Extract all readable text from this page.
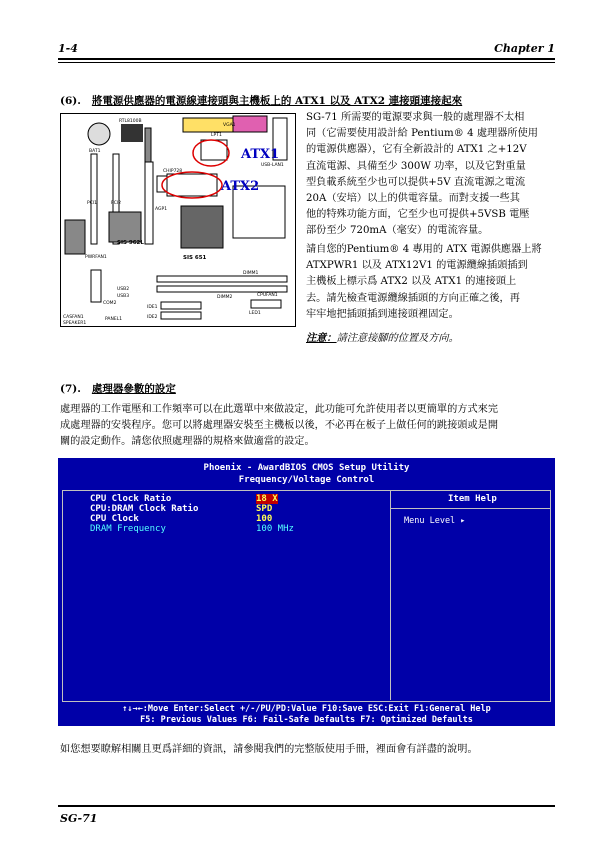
1-4	Chapter 1
(6). 將電源供應器的電源線連接頭與主機板上的 ATX1 以及 ATX2 連接頭連接起來
ATX1
ATX2
BAT1
RTL8100B
LPT1
VGA1
USB-LAN1
PWRFAN1
SIS 962L
SIS 651
DIMM1
DIMM2	CPUFAN1
IDE1
IDE2
LED1
CASFAN1
SPEAKER1
PANEL1
USB2
USB3
COM2
PCI1	PCI2
AGP1
CHIP728
SG-71 所需要的電源要求與一般的處理器不太相
同（它需要使用設計給 Pentium® 4 處理器所使用
的電源供應器），它有全新設計的 ATX1 之+12V
直流電源、具備至少 300W 功率，以及它對重量
型負載系統至少也可以提供+5V 直流電源之電流
20A（安培）以上的供電容量。而對支援一些其
他的特殊功能方面，它至少也可提供+5VSB 電壓
部份至少 720mA（毫安）的電流容量。
請自您的Pentium® 4 專用的 ATX 電源供應器上將
ATXPWR1 以及 ATX12V1 的電源纜線插頭插到
主機板上標示爲 ATX2 以及 ATX1 的連接頭上
去。請先檢查電源纜線插頭的方向正確之後，再
牢牢地把插頭插到連接頭裡固定。
注意：請注意接腳的位置及方向。
(7). 處理器參數的設定
處理器的工作電壓和工作頻率可以在此選單中來做設定，此功能可允許使用者以更簡單的方式來完
成處理器的安裝程序。您可以將處理器安裝至主機板以後，不必再在板子上做任何的跳接頭或是開
關的設定動作。請您依照處理器的規格來做適當的設定。
Phoenix - AwardBIOS CMOS Setup Utility
Frequency/Voltage Control
CPU Clock Ratio	18 X
CPU:DRAM Clock Ratio	SPD
CPU Clock	100
DRAM Frequency	100 MHz
Item Help
Menu Level ▸
↑↓→←:Move Enter:Select +/-/PU/PD:Value F10:Save ESC:Exit F1:General Help
F5: Previous Values F6: Fail-Safe Defaults F7: Optimized Defaults
如您想要瞭解相關且更爲詳細的資訊，請參閱我們的完整版使用手冊，裡面會有詳盡的說明。
SG-71
